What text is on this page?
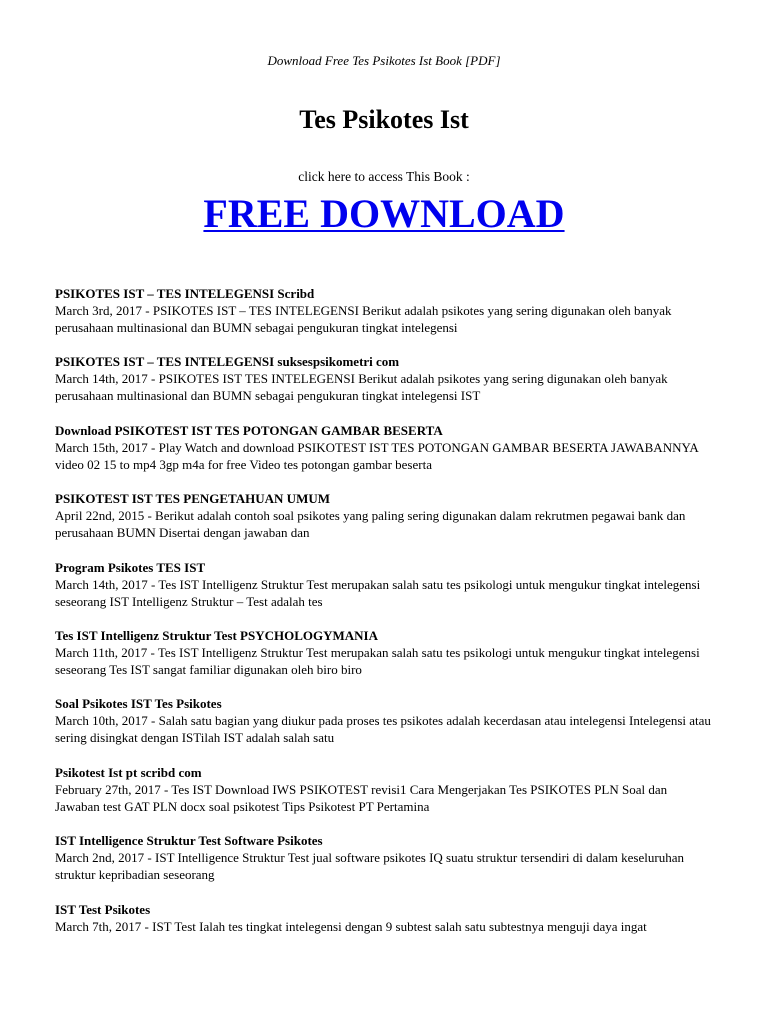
Download Free Tes Psikotes Ist Book [PDF]
Tes Psikotes Ist
click here to access This Book :
FREE DOWNLOAD
PSIKOTES IST – TES INTELEGENSI Scribd
March 3rd, 2017 - PSIKOTES IST – TES INTELEGENSI Berikut adalah psikotes yang sering digunakan oleh banyak perusahaan multinasional dan BUMN sebagai pengukuran tingkat intelegensi
PSIKOTES IST – TES INTELEGENSI suksespsikometri com
March 14th, 2017 - PSIKOTES IST TES INTELEGENSI Berikut adalah psikotes yang sering digunakan oleh banyak perusahaan multinasional dan BUMN sebagai pengukuran tingkat intelegensi IST
Download PSIKOTEST IST TES POTONGAN GAMBAR BESERTA
March 15th, 2017 - Play Watch and download PSIKOTEST IST TES POTONGAN GAMBAR BESERTA JAWABANNYA video 02 15 to mp4 3gp m4a for free Video tes potongan gambar beserta
PSIKOTEST IST TES PENGETAHUAN UMUM
April 22nd, 2015 - Berikut adalah contoh soal psikotes yang paling sering digunakan dalam rekrutmen pegawai bank dan perusahaan BUMN Disertai dengan jawaban dan
Program Psikotes TES IST
March 14th, 2017 - Tes IST Intelligenz Struktur Test merupakan salah satu tes psikologi untuk mengukur tingkat intelegensi seseorang IST Intelligenz Struktur – Test adalah tes
Tes IST Intelligenz Struktur Test PSYCHOLOGYMANIA
March 11th, 2017 - Tes IST Intelligenz Struktur Test merupakan salah satu tes psikologi untuk mengukur tingkat intelegensi seseorang Tes IST sangat familiar digunakan oleh biro biro
Soal Psikotes IST Tes Psikotes
March 10th, 2017 - Salah satu bagian yang diukur pada proses tes psikotes adalah kecerdasan atau intelegensi Intelegensi atau sering disingkat dengan ISTilah IST adalah salah satu
Psikotest Ist pt scribd com
February 27th, 2017 - Tes IST Download IWS PSIKOTEST revisi1 Cara Mengerjakan Tes PSIKOTES PLN Soal dan Jawaban test GAT PLN docx soal psikotest Tips Psikotest PT Pertamina
IST Intelligence Struktur Test Software Psikotes
March 2nd, 2017 - IST Intelligence Struktur Test jual software psikotes IQ suatu struktur tersendiri di dalam keseluruhan struktur kepribadian seseorang
IST Test Psikotes
March 7th, 2017 - IST Test Ialah tes tingkat intelegensi dengan 9 subtest salah satu subtestnya menguji daya ingat
